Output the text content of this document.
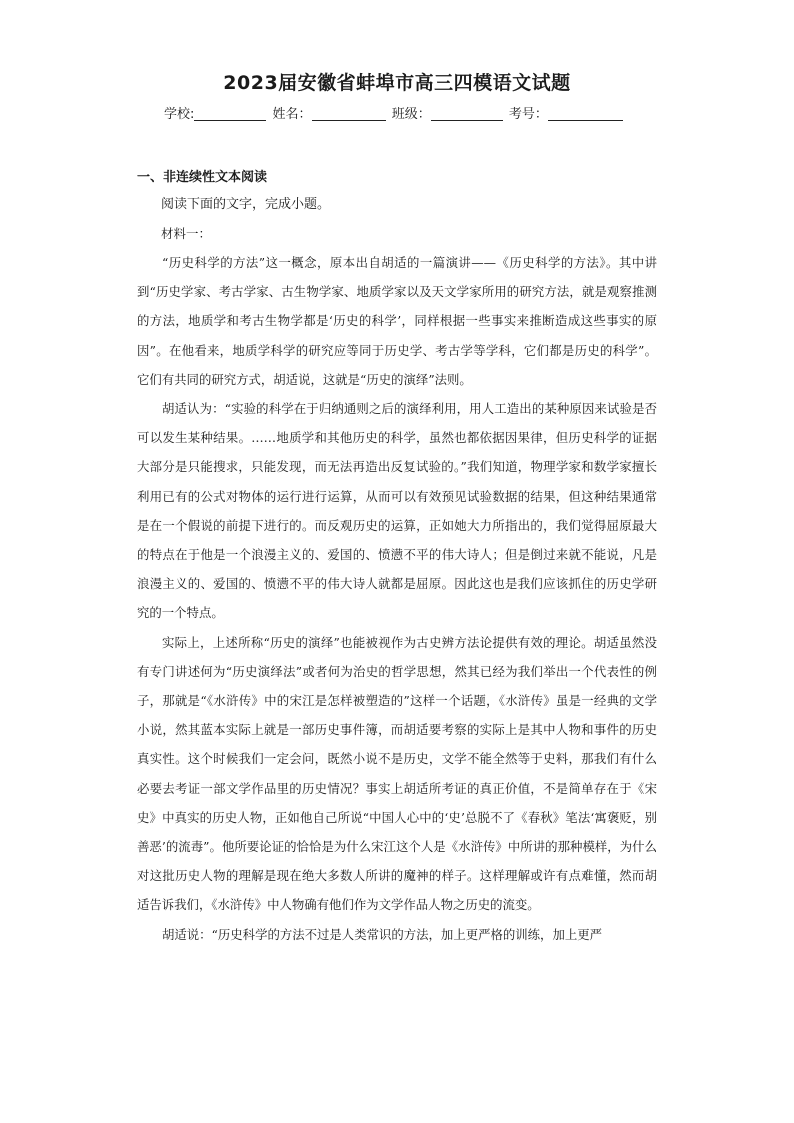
2023届安徽省蚌埠市高三四模语文试题
学校:	姓名：	班级：	考号：
一、非连续性文本阅读
阅读下面的文字，完成小题。
材料一：

“历史科学的方法”这一概念，原本出自胡适的一篇演讲——《历史科学的方法》。其中讲到“历史学家、考古学家、古生物学家、地质学家以及天文学家所用的研究方法，就是观察推测的方法，地质学和考古生物学都是‘历史的科学’，同样根据一些事实来推断造成这些事实的原因”。在他看来，地质学科学的研究应等同于历史学、考古学等学科，它们都是历史的科学”。它们有共同的研究方式，胡适说，这就是“历史的演绎”法则。

胡适认为：“实验的科学在于归纳通则之后的演绎利用，用人工造出的某种原因来试验是否可以发生某种结果。……地质学和其他历史的科学，虽然也都依据因果律，但历史科学的证据大部分是只能搜求，只能发现，而无法再造出反复试验的。”我们知道，物理学家和数学家擅长利用已有的公式对物体的运行进行运算，从而可以有效预见试验数据的结果，但这种结果通常是在一个假说的前提下进行的。而反观历史的运算，正如她大力所指出的，我们觉得屈原最大的特点在于他是一个浪漫主义的、爱国的、愤懑不平的伟大诗人；但是倒过来就不能说，凡是浪漫主义的、爱国的、愤懑不平的伟大诗人就都是屈原。因此这也是我们应该抓住的历史学研究的一个特点。

实际上，上述所称“历史的演绎”也能被视作为古史辨方法论提供有效的理论。胡适虽然没有专门讲述何为“历史演绎法”或者何为治史的哲学思想，然其已经为我们举出一个代表性的例子，那就是“《水浒传》中的宋江是怎样被塑造的”这样一个话题，《水浒传》虽是一经典的文学小说，然其蓝本实际上就是一部历史事件簿，而胡适要考察的实际上是其中人物和事件的历史真实性。这个时候我们一定会问，既然小说不是历史，文学不能全然等于史料，那我们有什么必要去考证一部文学作品里的历史情况？事实上胡适所考证的真正价值，不是简单存在于《宋史》中真实的历史人物，正如他自己所说“中国人心中的‘史’总脱不了《春秋》笔法‘寓褒贬，别善恶’的流毒”。他所要论证的恰恰是为什么宋江这个人是《水浒传》中所讲的那种模样，为什么对这批历史人物的理解是现在绝大多数人所讲的魔神的样子。这样理解或许有点难懂，然而胡适告诉我们，《水浒传》中人物确有他们作为文学作品人物之历史的流变。

胡适说：“历史科学的方法不过是人类常识的方法，加上更严格的训练，加上更严
